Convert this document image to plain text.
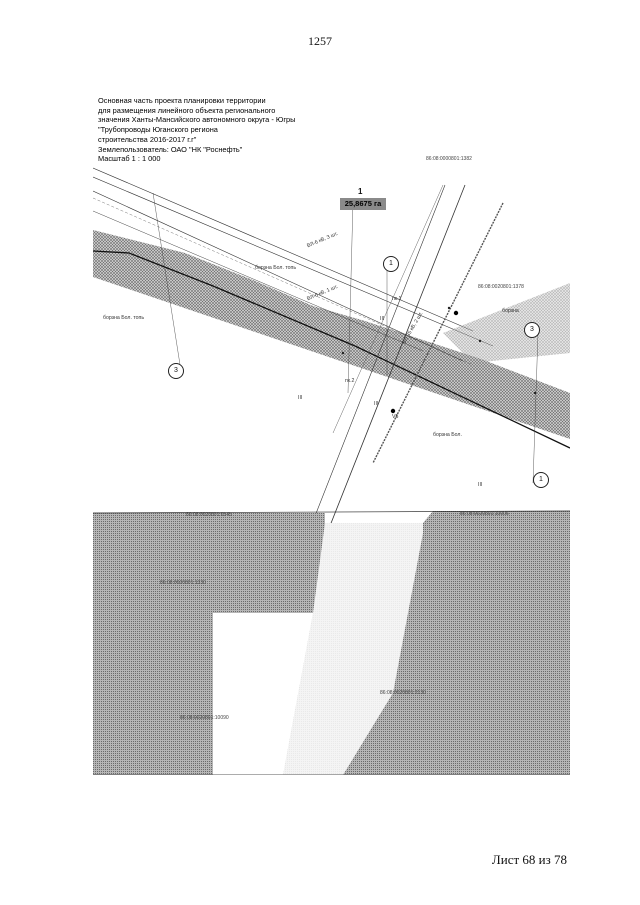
1257
Основная часть проекта планировки территории
для размещения линейного объекта регионального
значения Ханты-Мансийского автономного округа - Югры
"Трубопроводы Юганского региона
строительства 2016-2017 г.г"
Землепользователь: ОАО "НК "Роснефть"
Масштаб 1 : 1 000
1
25,8675 га
1
3
3
1
86:08:0000801:1382
86:08:0020801:1378
86:08:0020801:6545	86:08:0020801:10006
86:08:0000801:1330
86:08:0020801:2130
86:08:0020801:10090
борзна Бол. топь
борзна Бол. топь
борзна
борзна Бол.
ВЛ-6 кВ, 3 шт.
ВЛ-6 кВ, 1 шт.
ВЛ 35 кВ, 2 шт.
III
III
III
III
пк.1
пк.2
V5
Лист 68 из 78
